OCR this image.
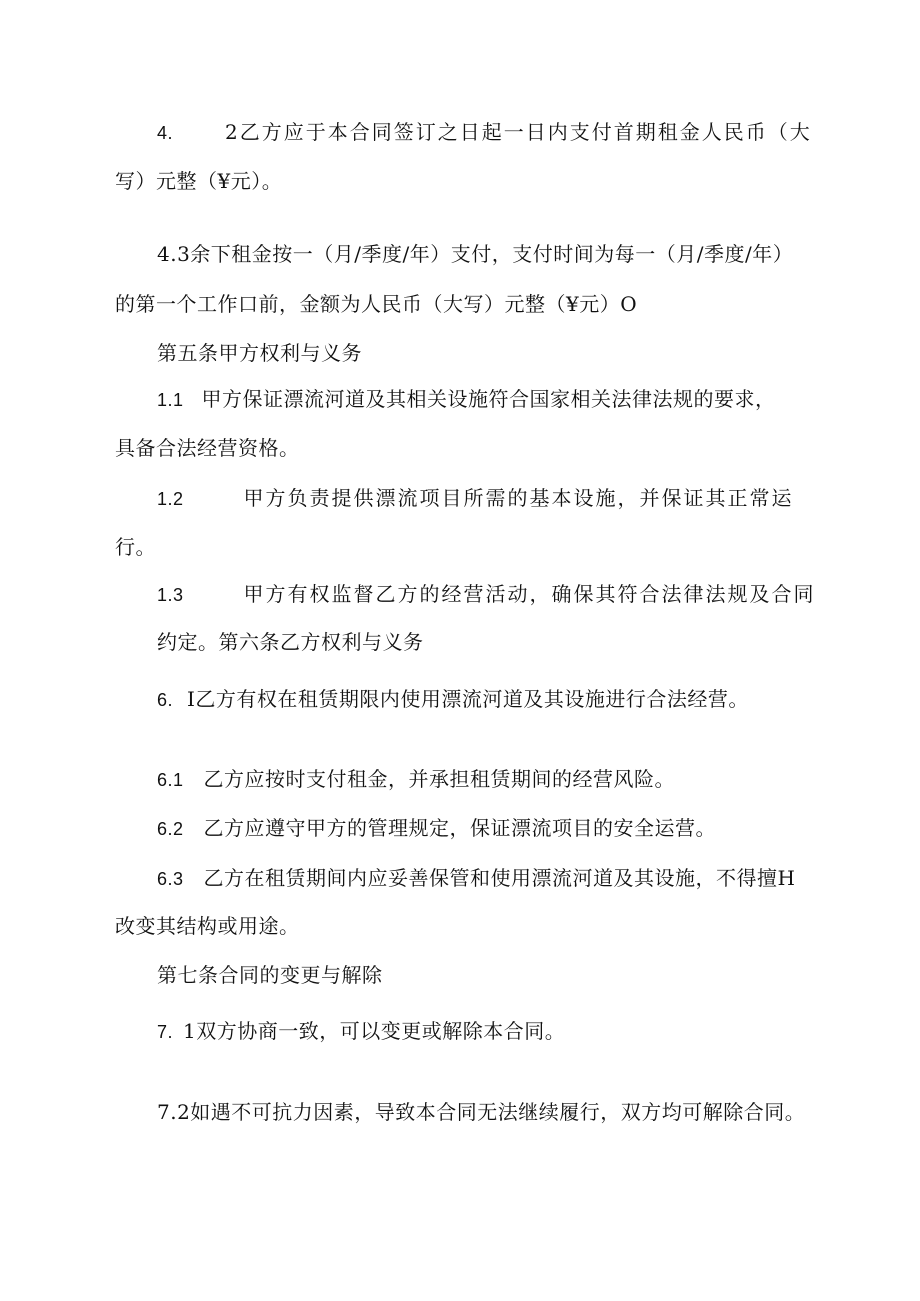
4.	2乙方应于本合同签订之日起一日内支付首期租金人民币（大
写）元整（¥元）。
4.3余下租金按一（月/季度/年）支付，支付时间为每一（月/季度/年）
的第一个工作口前，金额为人民币（大写）元整（¥元）O
第五条甲方权利与义务
1.1 甲方保证漂流河道及其相关设施符合国家相关法律法规的要求，
具备合法经营资格。
1.2	甲方负责提供漂流项目所需的基本设施，并保证其正常运
行。
1.3	甲方有权监督乙方的经营活动，确保其符合法律法规及合同
约定。第六条乙方权利与义务
6. I乙方有权在租赁期限内使用漂流河道及其设施进行合法经营。
6.1 乙方应按时支付租金，并承担租赁期间的经营风险。
6.2 乙方应遵守甲方的管理规定，保证漂流项目的安全运营。
6.3 乙方在租赁期间内应妥善保管和使用漂流河道及其设施，不得擅H
改变其结构或用途。
第七条合同的变更与解除
7. 1双方协商一致，可以变更或解除本合同。
7.2如遇不可抗力因素，导致本合同无法继续履行，双方均可解除合同。
